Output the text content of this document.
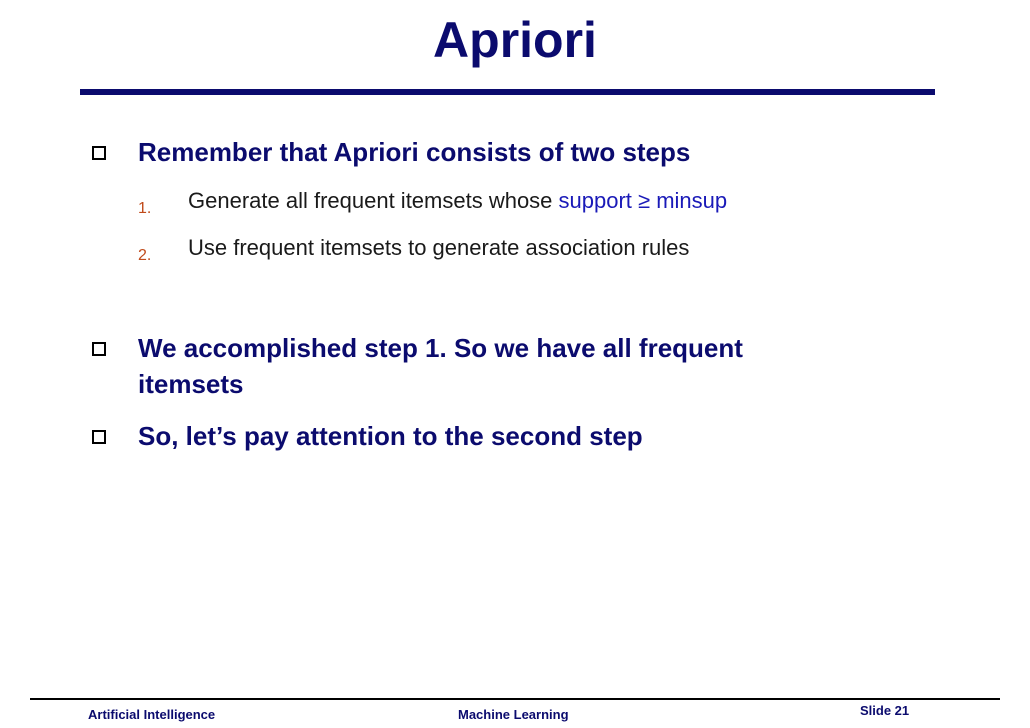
Apriori
Remember that Apriori consists of two steps
1. Generate all frequent itemsets whose support ≥ minsup
2. Use frequent itemsets to generate association rules
We accomplished step 1. So we have all frequent
itemsets
So, let’s pay attention to the second step
Artificial Intelligence	Machine Learning	Slide 21
